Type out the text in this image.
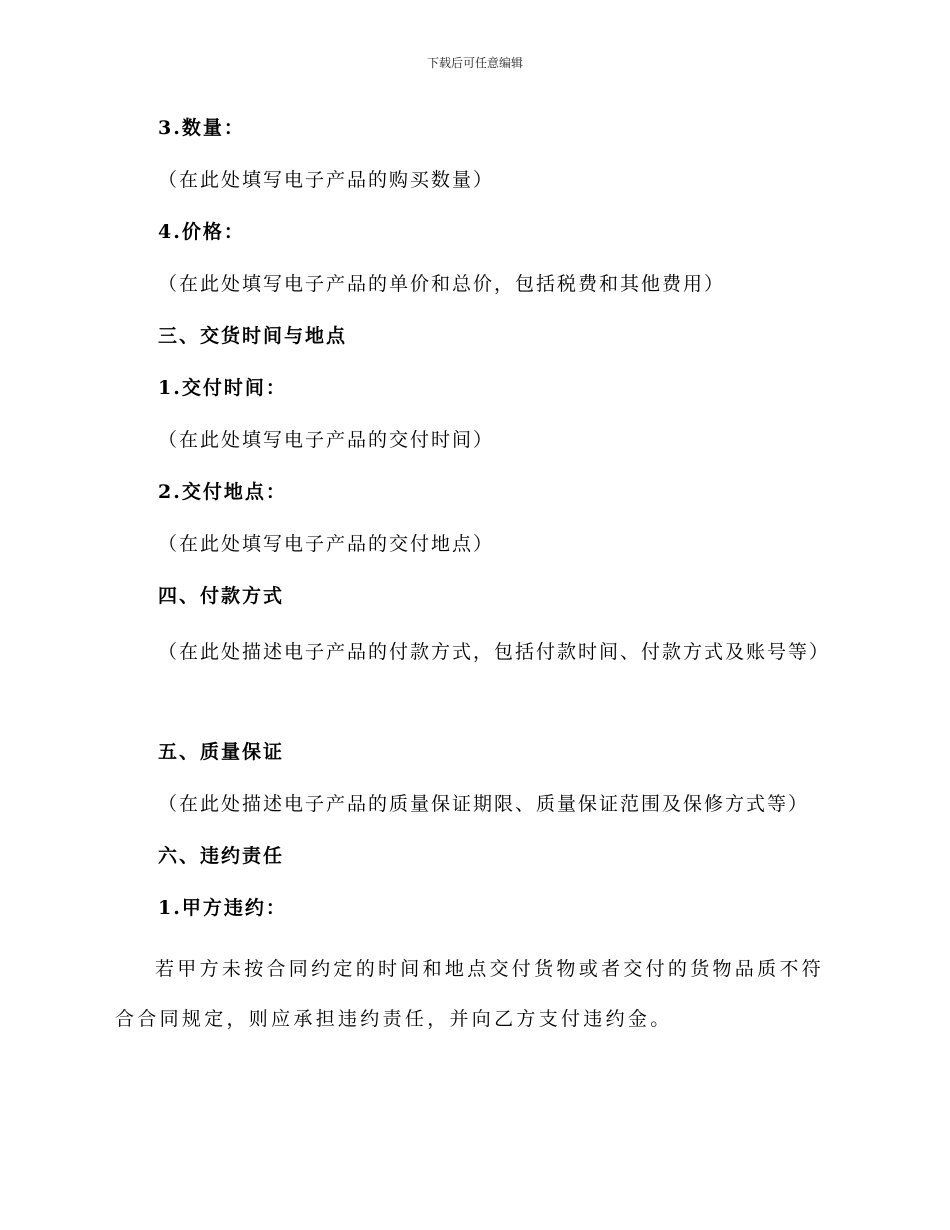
下载后可任意编辑

3.数量：

（在此处填写电子产品的购买数量）

4.价格：

（在此处填写电子产品的单价和总价，包括税费和其他费用）

三、交货时间与地点

1.交付时间：

（在此处填写电子产品的交付时间）

2.交付地点：

（在此处填写电子产品的交付地点）

四、付款方式

（在此处描述电子产品的付款方式，包括付款时间、付款方式及账号等）

五、质量保证

（在此处描述电子产品的质量保证期限、质量保证范围及保修方式等）

六、违约责任

1.甲方违约：

若甲方未按合同约定的时间和地点交付货物或者交付的货物品质不符合合同规定，则应承担违约责任，并向乙方支付违约金。
